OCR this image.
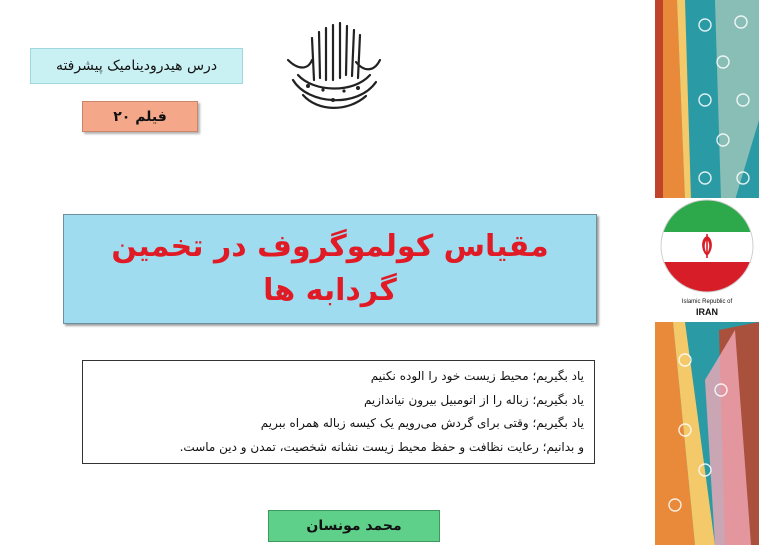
درس هیدرودینامیک پیشرفته
فیلم ۲۰
مقیاس کولموگروف در تخمین
گردابه ها
یاد بگیریم؛ محیط زیست خود را الوده نکنیم
یاد بگیریم؛ زباله را از اتومبیل بیرون نیاندازیم
یاد بگیریم؛ وقتی برای گردش می‌رویم یک کیسه زباله همراه ببریم
و بدانیم؛ رعایت نظافت و حفظ محیط زیست نشانه شخصیت، تمدن و دین ماست.
محمد مونسان
Islamic Republic of
IRAN
